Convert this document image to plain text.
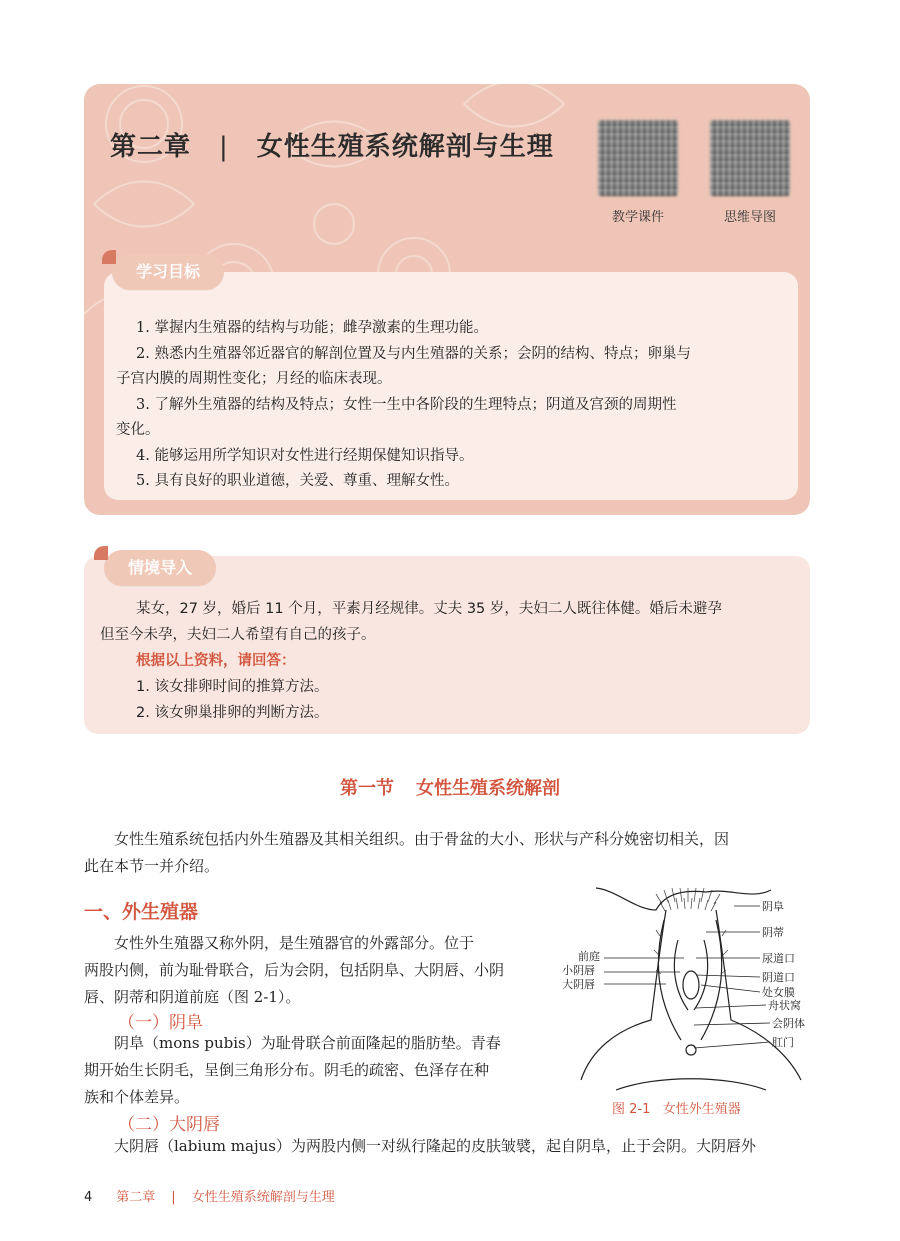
第二章 | 女性生殖系统解剖与生理
教学课件	思维导图
学习目标

1. 掌握内生殖器的结构与功能；雌孕激素的生理功能。

2. 熟悉内生殖器邻近器官的解剖位置及与内生殖器的关系；会阴的结构、特点；卵巢与

子宫内膜的周期性变化；月经的临床表现。

3. 了解外生殖器的结构及特点；女性一生中各阶段的生理特点；阴道及宫颈的周期性

变化。

4. 能够运用所学知识对女性进行经期保健知识指导。

5. 具有良好的职业道德，关爱、尊重、理解女性。

情境导入
某女，27 岁，婚后 11 个月，平素月经规律。丈夫 35 岁，夫妇二人既往体健。婚后未避孕
但至今未孕，夫妇二人希望有自己的孩子。
根据以上资料，请回答：
1. 该女排卵时间的推算方法。
2. 该女卵巢排卵的判断方法。
第一节 女性生殖系统解剖
女性生殖系统包括内外生殖器及其相关组织。由于骨盆的大小、形状与产科分娩密切相关，因
此在本节一并介绍。
一、外生殖器
女性外生殖器又称外阴，是生殖器官的外露部分。位于
两股内侧，前为耻骨联合，后为会阴，包括阴阜、大阴唇、小阴
唇、阴蒂和阴道前庭（图 2-1）。
（一）阴阜
阴阜（mons pubis）为耻骨联合前面隆起的脂肪垫。青春
期开始生长阴毛，呈倒三角形分布。阴毛的疏密、色泽存在种
族和个体差异。
（二）大阴唇
大阴唇（labium majus）为两股内侧一对纵行隆起的皮肤皱襞，起自阴阜，止于会阴。大阴唇外
阴阜
阴蒂
尿道口
阴道口
处女膜
舟状窝
会阴体
肛门
前庭
小阴唇
大阴唇
图 2-1 女性外生殖器
4 第二章 | 女性生殖系统解剖与生理
